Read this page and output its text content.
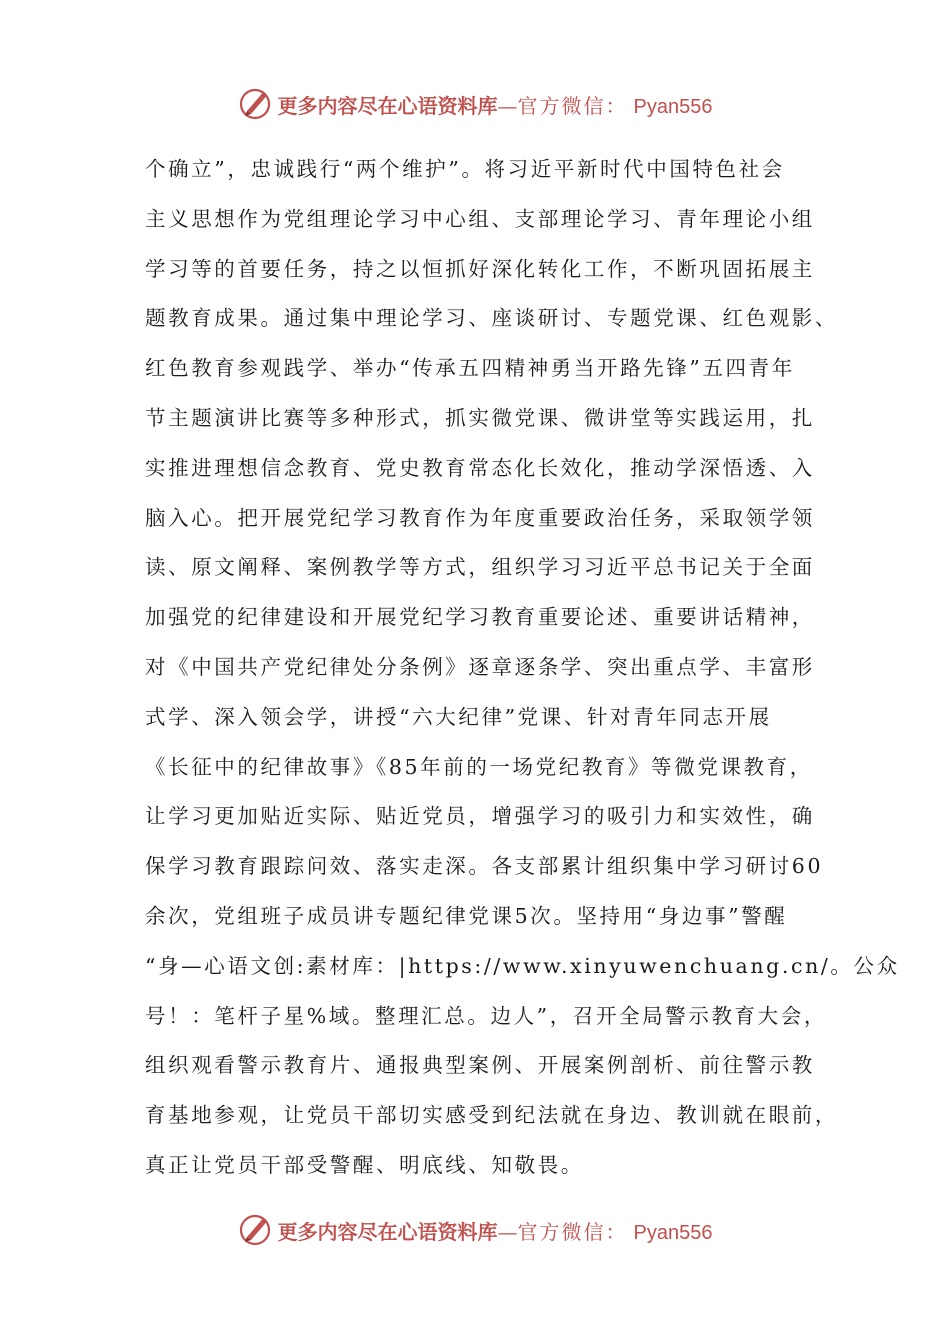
更多内容尽在心语资料库 — 官方微信： Pyan556
个确立”，忠诚践行“两个维护”。将习近平新时代中国特色社会
主义思想作为党组理论学习中心组、支部理论学习、青年理论小组
学习等的首要任务，持之以恒抓好深化转化工作，不断巩固拓展主
题教育成果。通过集中理论学习、座谈研讨、专题党课、红色观影、
红色教育参观践学、举办“传承五四精神勇当开路先锋”五四青年
节主题演讲比赛等多种形式，抓实微党课、微讲堂等实践运用，扎
实推进理想信念教育、党史教育常态化长效化，推动学深悟透、入
脑入心。把开展党纪学习教育作为年度重要政治任务，采取领学领
读、原文阐释、案例教学等方式，组织学习习近平总书记关于全面
加强党的纪律建设和开展党纪学习教育重要论述、重要讲话精神，
对《中国共产党纪律处分条例》逐章逐条学、突出重点学、丰富形
式学、深入领会学，讲授“六大纪律”党课、针对青年同志开展
《长征中的纪律故事》《85年前的一场党纪教育》等微党课教育，
让学习更加贴近实际、贴近党员，增强学习的吸引力和实效性，确
保学习教育跟踪问效、落实走深。各支部累计组织集中学习研讨60
余次，党组班子成员讲专题纪律党课5次。坚持用“身边事”警醒
“身—心语文创:素材库：|https://www.xinyuwenchuang.cn/。公众
号！：笔杆子星%域。整理汇总。边人”，召开全局警示教育大会，
组织观看警示教育片、通报典型案例、开展案例剖析、前往警示教
育基地参观，让党员干部切实感受到纪法就在身边、教训就在眼前，
真正让党员干部受警醒、明底线、知敬畏。
更多内容尽在心语资料库 — 官方微信： Pyan556
